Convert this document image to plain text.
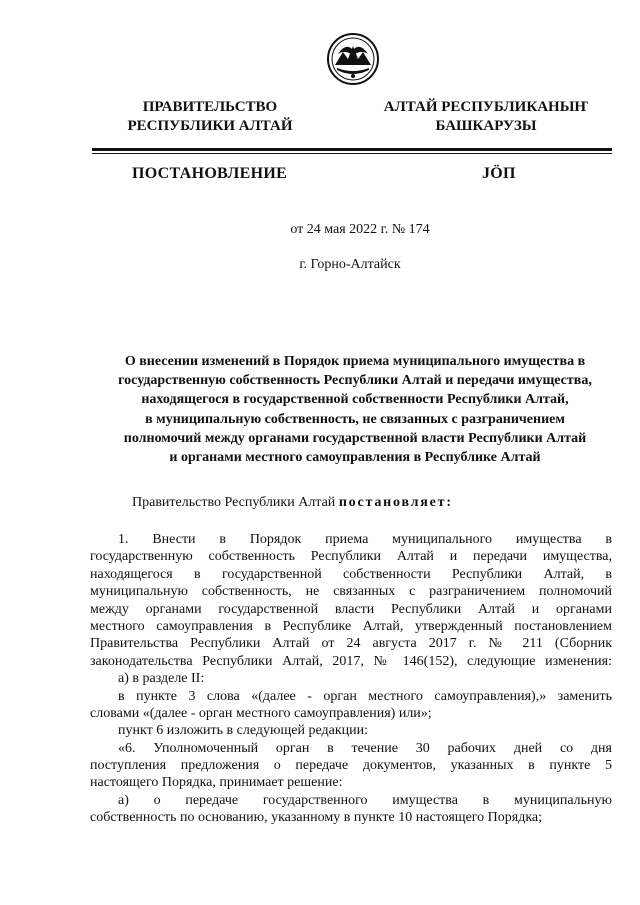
ПРАВИТЕЛЬСТВО
РЕСПУБЛИКИ АЛТАЙ
АЛТАЙ РЕСПУБЛИКАНЫҤ
БАШКАРУЗЫ
ПОСТАНОВЛЕНИЕ	JÖП
от 24 мая 2022 г. № 174
г. Горно-Алтайск
О внесении изменений в Порядок приема муниципального имущества в
государственную собственность Республики Алтай и передачи имущества,
находящегося в государственной собственности Республики Алтай,
в муниципальную собственность, не связанных с разграничением
полномочий между органами государственной власти Республики Алтай
и органами местного самоуправления в Республике Алтай
Правительство Республики Алтай постановляет:
1. Внести в Порядок приема муниципального имущества в
государственную собственность Республики Алтай и передачи имущества,
находящегося в государственной собственности Республики Алтай, в
муниципальную собственность, не связанных с разграничением полномочий
между органами государственной власти Республики Алтай и органами
местного самоуправления в Республике Алтай, утвержденный постановлением
Правительства Республики Алтай от 24 августа 2017 г. № 211 (Сборник
законодательства Республики Алтай, 2017, № 146(152), следующие изменения:
а) в разделе II:
в пункте 3 слова «(далее - орган местного самоуправления),» заменить
словами «(далее - орган местного самоуправления) или»;
пункт 6 изложить в следующей редакции:
«6. Уполномоченный орган в течение 30 рабочих дней со дня
поступления предложения о передаче документов, указанных в пункте 5
настоящего Порядка, принимает решение:
а) о передаче государственного имущества в муниципальную
собственность по основанию, указанному в пункте 10 настоящего Порядка;
